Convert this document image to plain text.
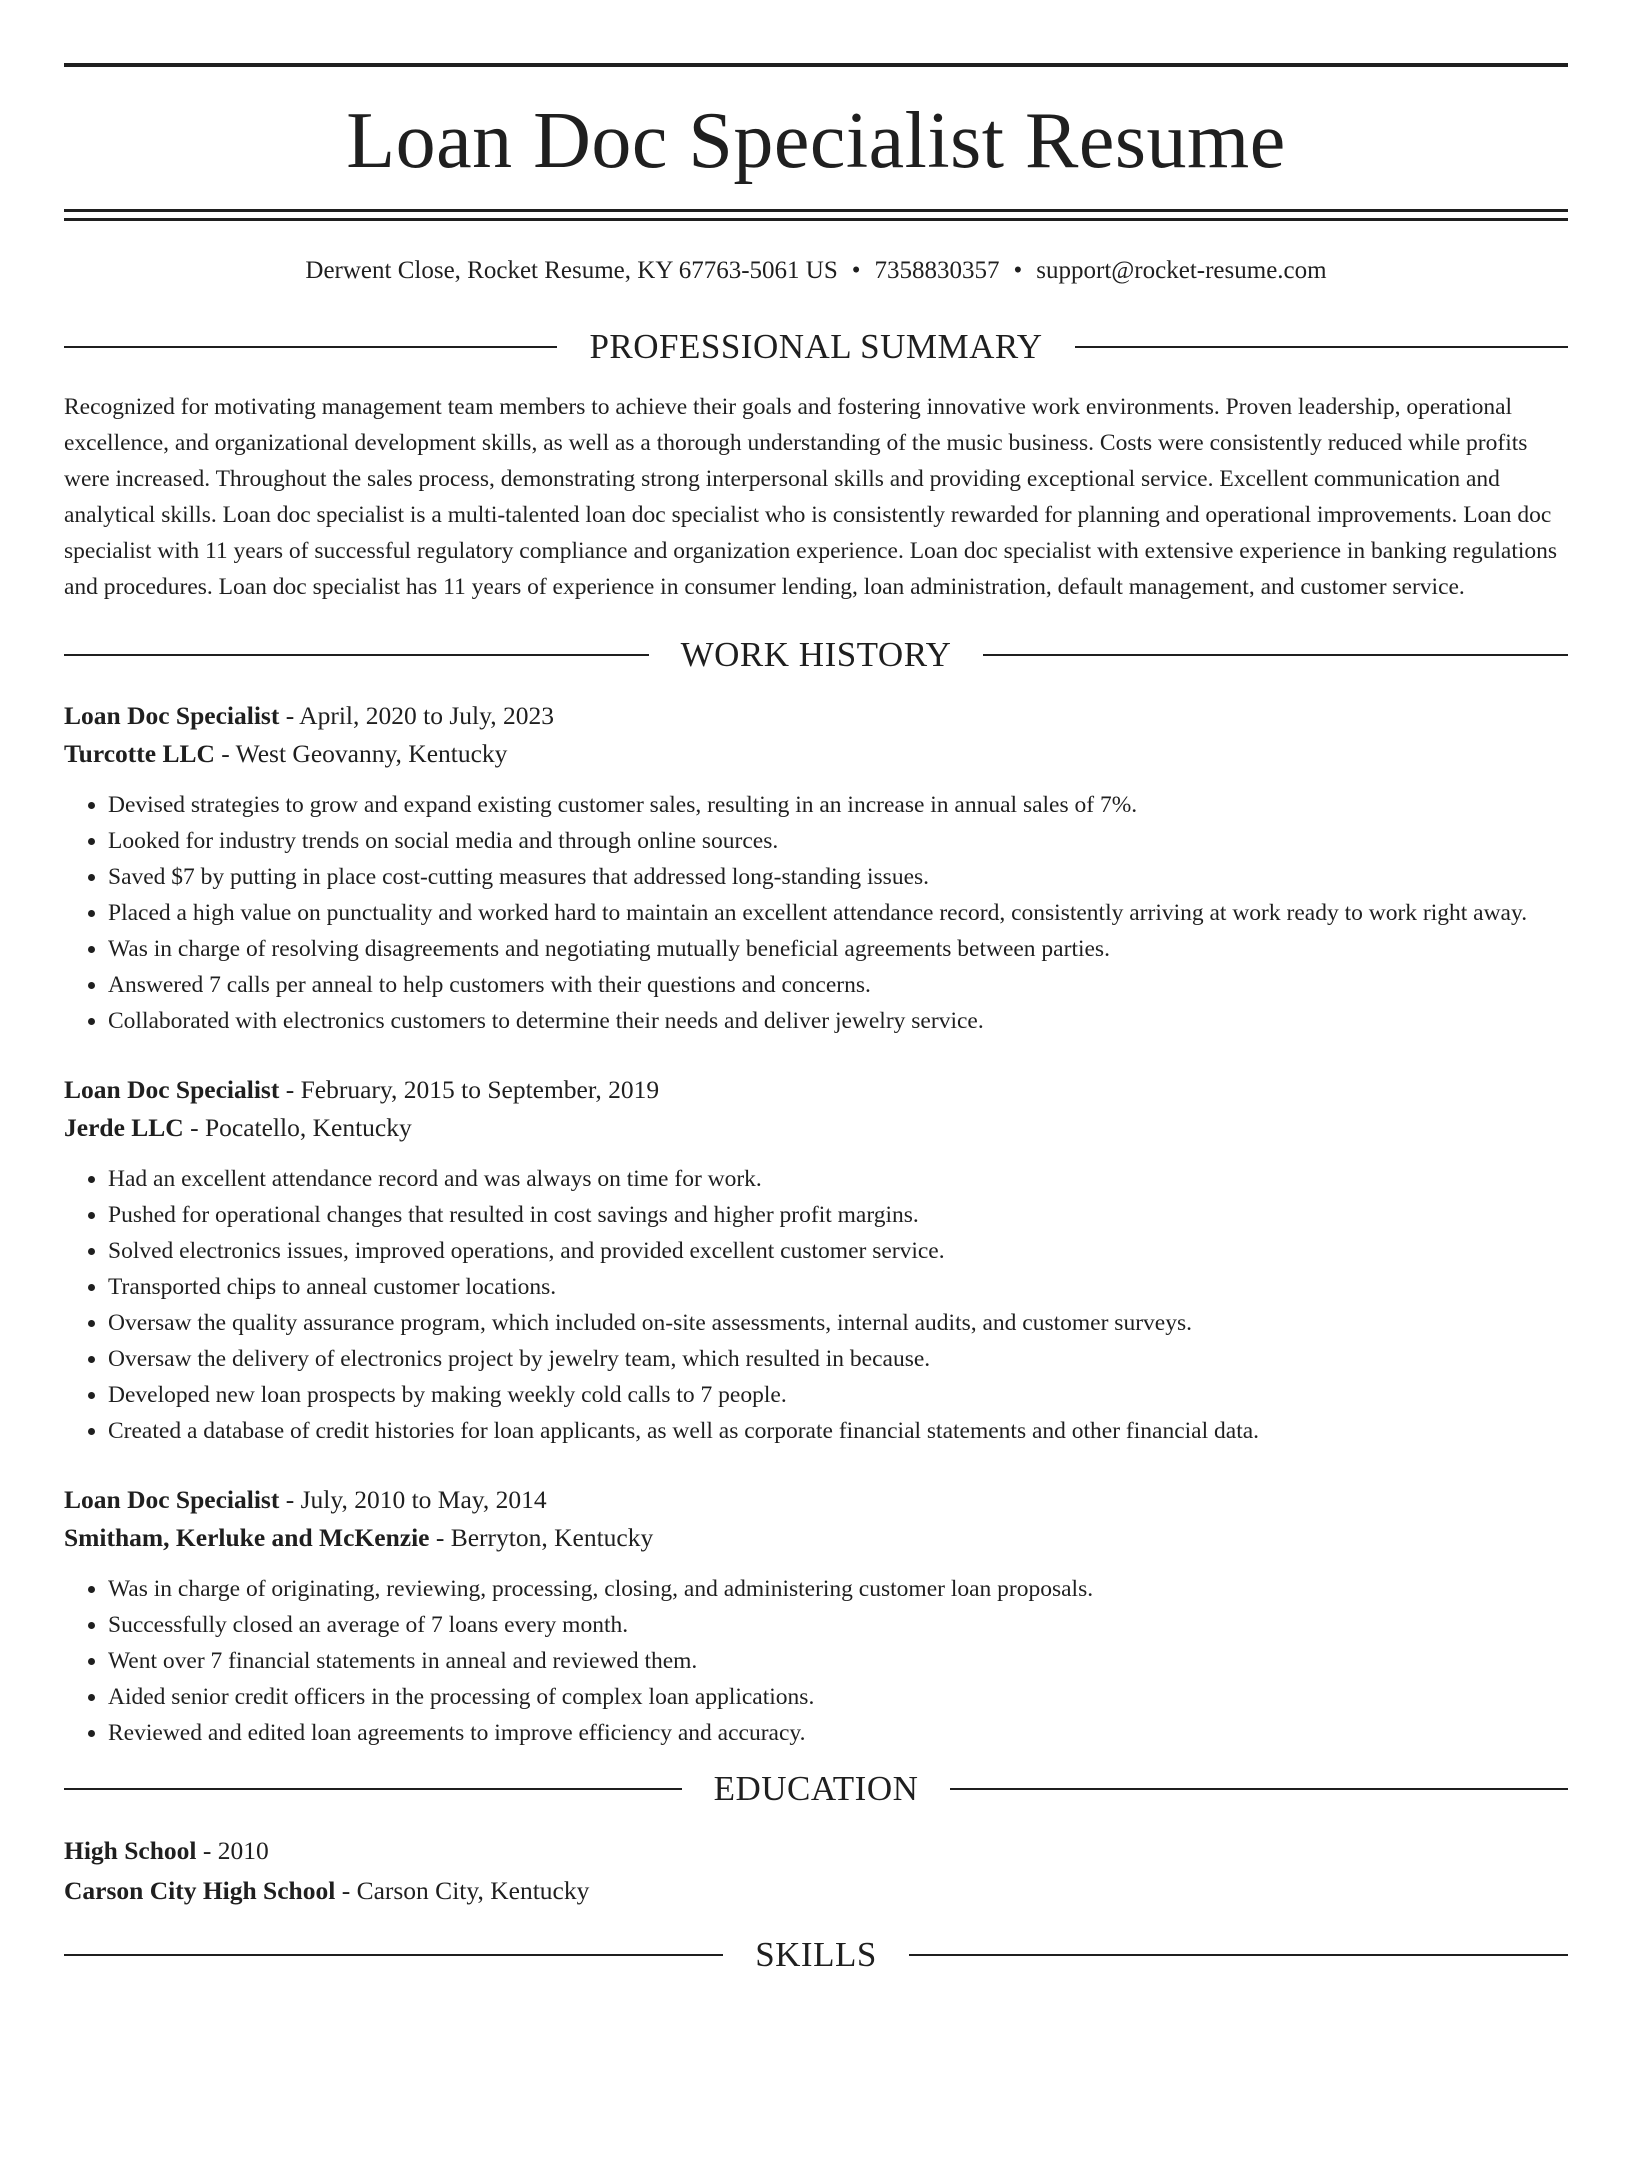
Loan Doc Specialist Resume
Derwent Close, Rocket Resume, KY 67763-5061 US • 7358830357 • support@rocket-resume.com
PROFESSIONAL SUMMARY
Recognized for motivating management team members to achieve their goals and fostering innovative work environments. Proven leadership, operational excellence, and organizational development skills, as well as a thorough understanding of the music business. Costs were consistently reduced while profits were increased. Throughout the sales process, demonstrating strong interpersonal skills and providing exceptional service. Excellent communication and analytical skills. Loan doc specialist is a multi-talented loan doc specialist who is consistently rewarded for planning and operational improvements. Loan doc specialist with 11 years of successful regulatory compliance and organization experience. Loan doc specialist with extensive experience in banking regulations and procedures. Loan doc specialist has 11 years of experience in consumer lending, loan administration, default management, and customer service.
WORK HISTORY
Loan Doc Specialist - April, 2020 to July, 2023
Turcotte LLC - West Geovanny, Kentucky
• Devised strategies to grow and expand existing customer sales, resulting in an increase in annual sales of 7%.
• Looked for industry trends on social media and through online sources.
• Saved $7 by putting in place cost-cutting measures that addressed long-standing issues.
• Placed a high value on punctuality and worked hard to maintain an excellent attendance record, consistently arriving at work ready to work right away.
• Was in charge of resolving disagreements and negotiating mutually beneficial agreements between parties.
• Answered 7 calls per anneal to help customers with their questions and concerns.
• Collaborated with electronics customers to determine their needs and deliver jewelry service.
Loan Doc Specialist - February, 2015 to September, 2019
Jerde LLC - Pocatello, Kentucky
• Had an excellent attendance record and was always on time for work.
• Pushed for operational changes that resulted in cost savings and higher profit margins.
• Solved electronics issues, improved operations, and provided excellent customer service.
• Transported chips to anneal customer locations.
• Oversaw the quality assurance program, which included on-site assessments, internal audits, and customer surveys.
• Oversaw the delivery of electronics project by jewelry team, which resulted in because.
• Developed new loan prospects by making weekly cold calls to 7 people.
• Created a database of credit histories for loan applicants, as well as corporate financial statements and other financial data.
Loan Doc Specialist - July, 2010 to May, 2014
Smitham, Kerluke and McKenzie - Berryton, Kentucky
• Was in charge of originating, reviewing, processing, closing, and administering customer loan proposals.
• Successfully closed an average of 7 loans every month.
• Went over 7 financial statements in anneal and reviewed them.
• Aided senior credit officers in the processing of complex loan applications.
• Reviewed and edited loan agreements to improve efficiency and accuracy.
EDUCATION
High School - 2010
Carson City High School - Carson City, Kentucky
SKILLS
